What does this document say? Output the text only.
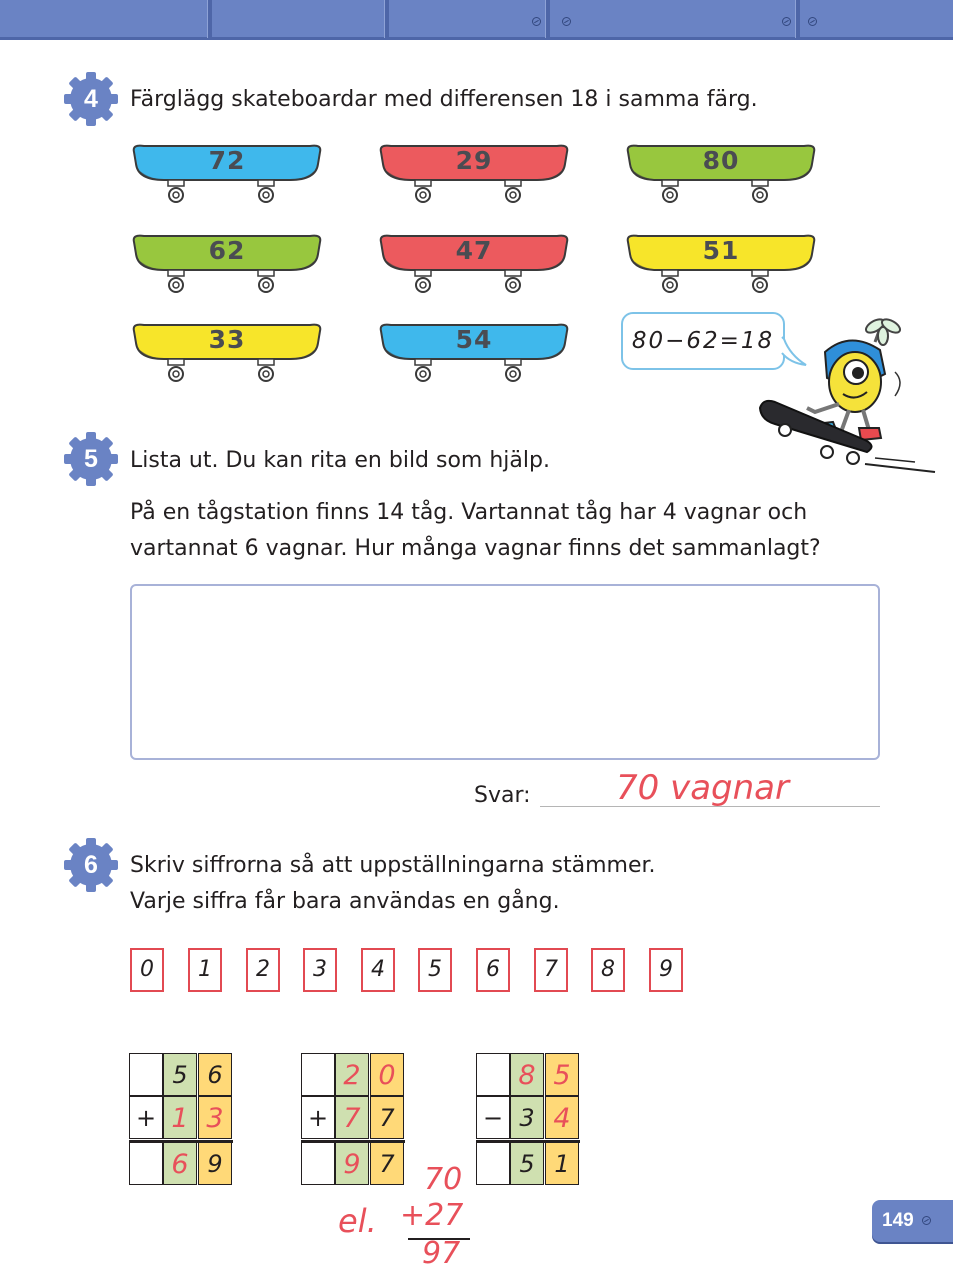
4	Färglägg skateboardar med differensen 18 i samma färg.
72	29	80
62	47	51
33	54	80−62=18
5	Lista ut. Du kan rita en bild som hjälp.
På en tågstation finns 14 tåg. Vartannat tåg har 4 vagnar och
vartannat 6 vagnar. Hur många vagnar finns det sammanlagt?
Svar:	70 vagnar
6	Skriv siffrorna så att uppställningarna stämmer.
Varje siffra får bara användas en gång.
0	1	2	3	4	5	6	7	8	9
5 6
+ 1 3
6 9
2 0
+ 7 7
9 7
8 5
− 3 4
5 1
el.
70
+27
97
149
